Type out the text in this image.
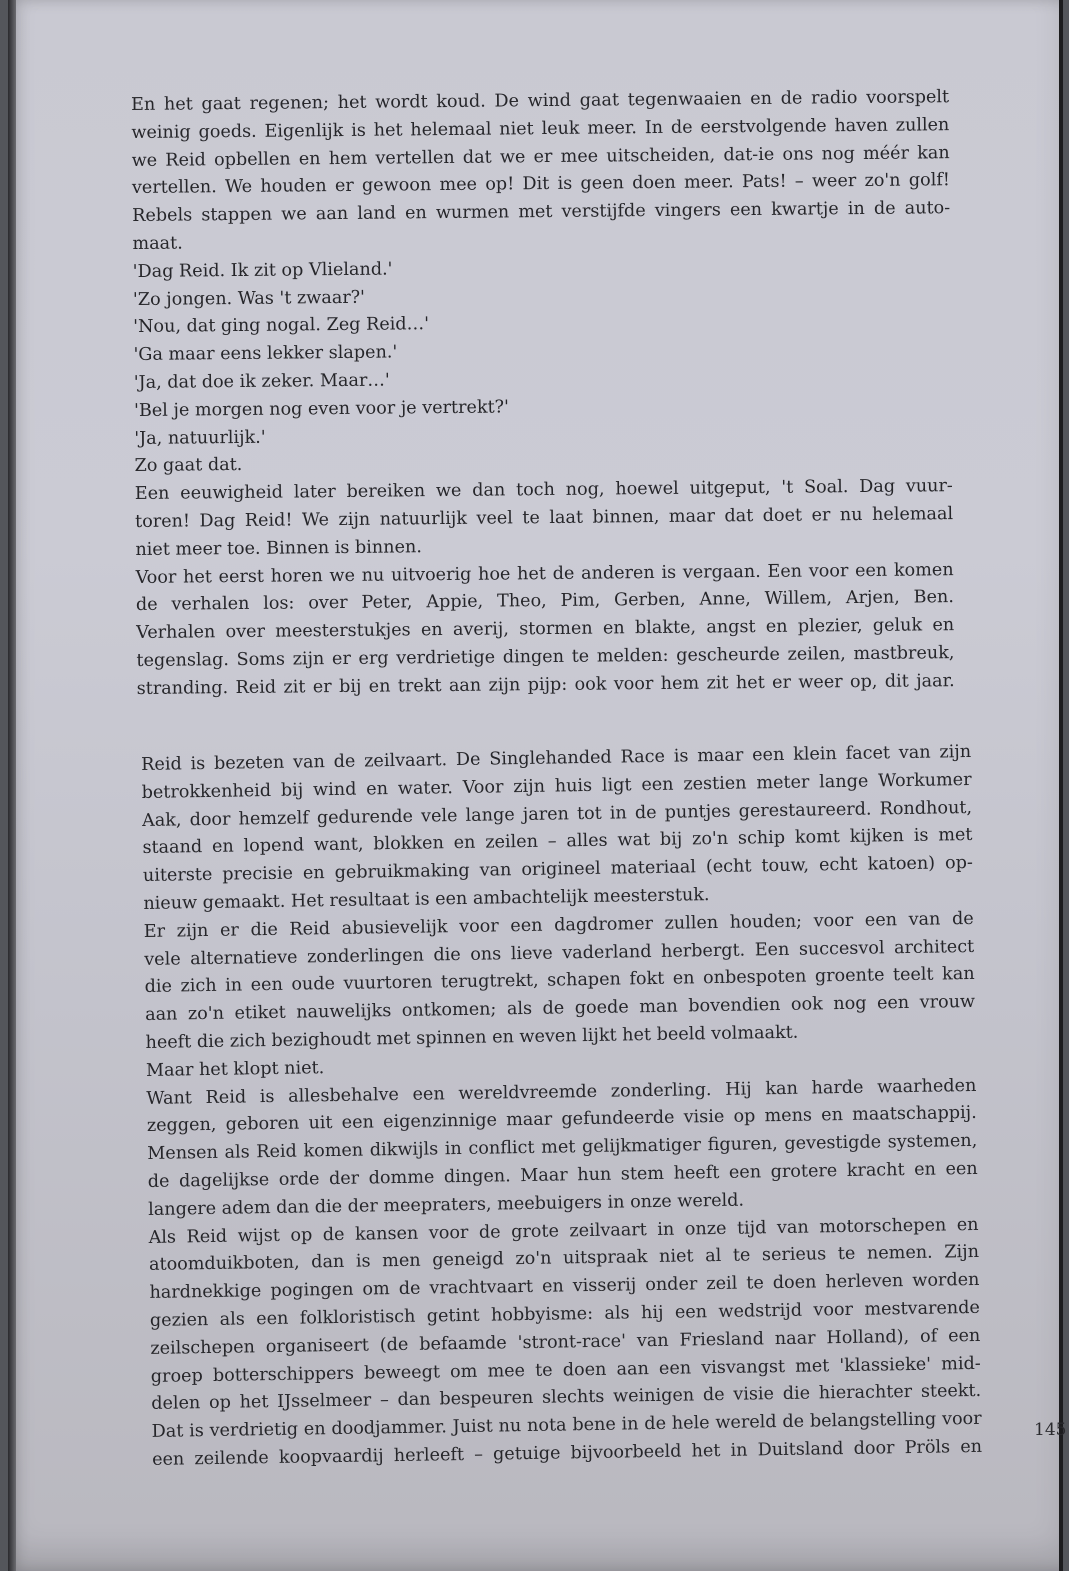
En het gaat regenen; het wordt koud. De wind gaat tegenwaaien en de radio voorspelt

weinig goeds. Eigenlijk is het helemaal niet leuk meer. In de eerstvolgende haven zullen

we Reid opbellen en hem vertellen dat we er mee uitscheiden, dat-ie ons nog méér kan

vertellen. We houden er gewoon mee op! Dit is geen doen meer. Pats! – weer zo'n golf!

Rebels stappen we aan land en wurmen met verstijfde vingers een kwartje in de auto-

maat.

'Dag Reid. Ik zit op Vlieland.'

'Zo jongen. Was 't zwaar?'

'Nou, dat ging nogal. Zeg Reid…'

'Ga maar eens lekker slapen.'

'Ja, dat doe ik zeker. Maar…'

'Bel je morgen nog even voor je vertrekt?'

'Ja, natuurlijk.'

Zo gaat dat.

Een eeuwigheid later bereiken we dan toch nog, hoewel uitgeput, 't Soal. Dag vuur-

toren! Dag Reid! We zijn natuurlijk veel te laat binnen, maar dat doet er nu helemaal

niet meer toe. Binnen is binnen.

Voor het eerst horen we nu uitvoerig hoe het de anderen is vergaan. Een voor een komen

de verhalen los: over Peter, Appie, Theo, Pim, Gerben, Anne, Willem, Arjen, Ben.

Verhalen over meesterstukjes en averij, stormen en blakte, angst en plezier, geluk en

tegenslag. Soms zijn er erg verdrietige dingen te melden: gescheurde zeilen, mastbreuk,

stranding. Reid zit er bij en trekt aan zijn pijp: ook voor hem zit het er weer op, dit jaar.

Reid is bezeten van de zeilvaart. De Singlehanded Race is maar een klein facet van zijn

betrokkenheid bij wind en water. Voor zijn huis ligt een zestien meter lange Workumer

Aak, door hemzelf gedurende vele lange jaren tot in de puntjes gerestaureerd. Rondhout,

staand en lopend want, blokken en zeilen – alles wat bij zo'n schip komt kijken is met

uiterste precisie en gebruikmaking van origineel materiaal (echt touw, echt katoen) op-

nieuw gemaakt. Het resultaat is een ambachtelijk meesterstuk.

Er zijn er die Reid abusievelijk voor een dagdromer zullen houden; voor een van de

vele alternatieve zonderlingen die ons lieve vaderland herbergt. Een succesvol architect

die zich in een oude vuurtoren terugtrekt, schapen fokt en onbespoten groente teelt kan

aan zo'n etiket nauwelijks ontkomen; als de goede man bovendien ook nog een vrouw

heeft die zich bezighoudt met spinnen en weven lijkt het beeld volmaakt.

Maar het klopt niet.

Want Reid is allesbehalve een wereldvreemde zonderling. Hij kan harde waarheden

zeggen, geboren uit een eigenzinnige maar gefundeerde visie op mens en maatschappij.

Mensen als Reid komen dikwijls in conflict met gelijkmatiger figuren, gevestigde systemen,

de dagelijkse orde der domme dingen. Maar hun stem heeft een grotere kracht en een

langere adem dan die der meepraters, meebuigers in onze wereld.

Als Reid wijst op de kansen voor de grote zeilvaart in onze tijd van motorschepen en

atoomduikboten, dan is men geneigd zo'n uitspraak niet al te serieus te nemen. Zijn

hardnekkige pogingen om de vrachtvaart en visserij onder zeil te doen herleven worden

gezien als een folkloristisch getint hobbyisme: als hij een wedstrijd voor mestvarende

zeilschepen organiseert (de befaamde 'stront-race' van Friesland naar Holland), of een

groep botterschippers beweegt om mee te doen aan een visvangst met 'klassieke' mid-

delen op het IJsselmeer – dan bespeuren slechts weinigen de visie die hierachter steekt.

Dat is verdrietig en doodjammer. Juist nu nota bene in de hele wereld de belangstelling voor

een zeilende koopvaardij herleeft – getuige bijvoorbeeld het in Duitsland door Pröls en

145
